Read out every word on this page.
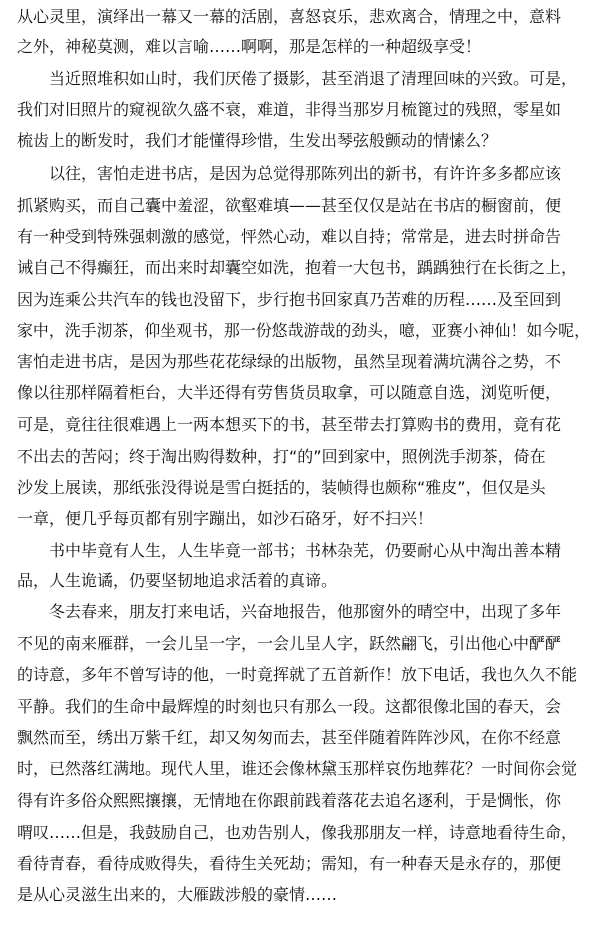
从心灵里，演绎出一幕又一幕的活剧，喜怒哀乐，悲欢离合，情理之中，意料
之外，神秘莫测，难以言喻……啊啊，那是怎样的一种超级享受！
当近照堆积如山时，我们厌倦了摄影，甚至消退了清理回味的兴致。可是，
我们对旧照片的窥视欲久盛不衰，难道，非得当那岁月梳篦过的残照，零星如
梳齿上的断发时，我们才能懂得珍惜，生发出琴弦般颤动的情愫么？
以往，害怕走进书店，是因为总觉得那陈列出的新书，有许许多多都应该
抓紧购买，而自己囊中羞涩，欲壑难填——甚至仅仅是站在书店的橱窗前，便
有一种受到特殊强刺激的感觉，怦然心动，难以自持；常常是，进去时拼命告
诫自己不得癫狂，而出来时却囊空如洗，抱着一大包书，踽踽独行在长街之上，
因为连乘公共汽车的钱也没留下，步行抱书回家真乃苦难的历程……及至回到
家中，洗手沏茶，仰坐观书，那一份悠哉游哉的劲头，噫，亚赛小神仙！如今呢，
害怕走进书店，是因为那些花花绿绿的出版物，虽然呈现着满坑满谷之势，不
像以往那样隔着柜台，大半还得有劳售货员取拿，可以随意自选，浏览听便，
可是，竟往往很难遇上一两本想买下的书，甚至带去打算购书的费用，竟有花
不出去的苦闷；终于淘出购得数种，打“的”回到家中，照例洗手沏茶，倚在
沙发上展读，那纸张没得说是雪白挺括的，装帧得也颇称“雅皮”，但仅是头
一章，便几乎每页都有别字蹦出，如沙石硌牙，好不扫兴！
书中毕竟有人生，人生毕竟一部书；书林杂芜，仍要耐心从中淘出善本精
品，人生诡谲，仍要坚韧地追求活着的真谛。
冬去春来，朋友打来电话，兴奋地报告，他那窗外的晴空中，出现了多年
不见的南来雁群，一会儿呈一字，一会儿呈人字，跃然翩飞，引出他心中酽酽
的诗意，多年不曾写诗的他，一时竟挥就了五首新作！放下电话，我也久久不能
平静。我们的生命中最辉煌的时刻也只有那么一段。这都很像北国的春天，会
飘然而至，绣出万紫千红，却又匆匆而去，甚至伴随着阵阵沙风，在你不经意
时，已然落红满地。现代人里，谁还会像林黛玉那样哀伤地葬花？一时间你会觉
得有许多俗众熙熙攘攘，无情地在你跟前践着落花去追名逐利，于是惆怅，你
喟叹……但是，我鼓励自己，也劝告别人，像我那朋友一样，诗意地看待生命，
看待青春，看待成败得失，看待生关死劫；需知，有一种春天是永存的，那便
是从心灵滋生出来的，大雁跋涉般的豪情……
